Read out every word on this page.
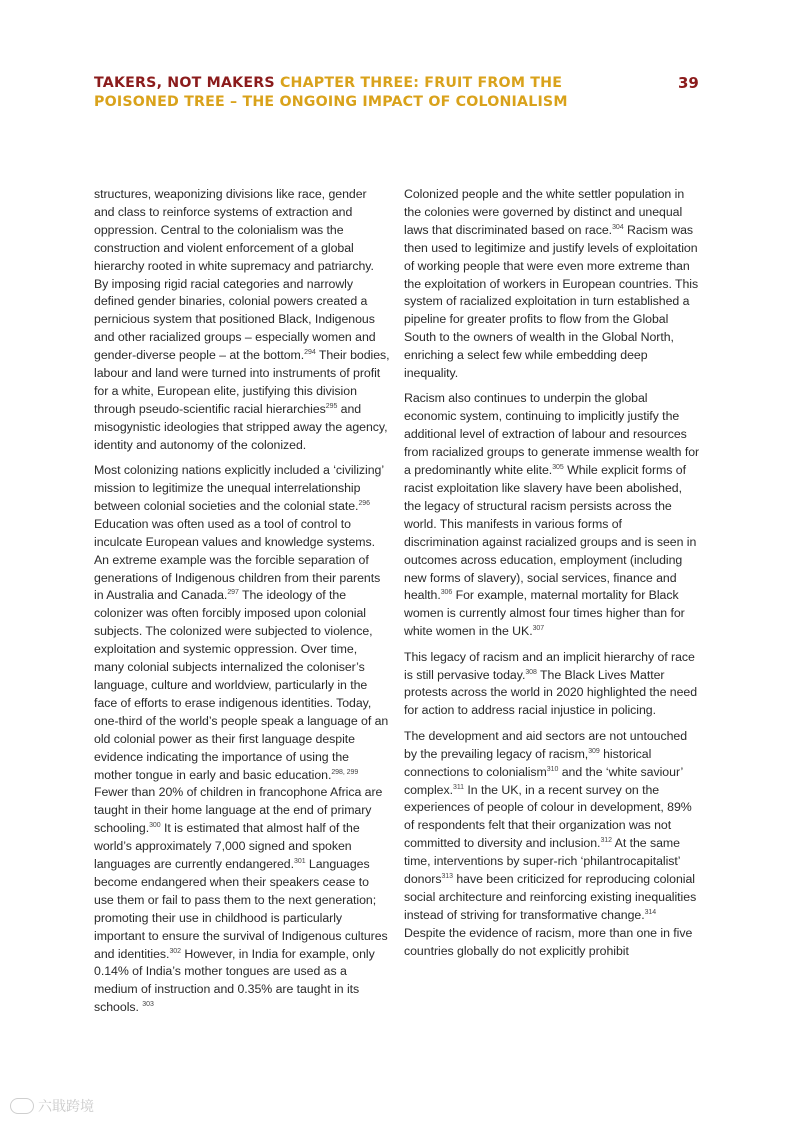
TAKERS, NOT MAKERS CHAPTER THREE: FRUIT FROM THE
POISONED TREE – THE ONGOING IMPACT OF COLONIALISM
39

structures, weaponizing divisions like race, gender and class to reinforce systems of extraction and oppression. Central to the colonialism was the construction and violent enforcement of a global hierarchy rooted in white supremacy and patriarchy. By imposing rigid racial categories and narrowly defined gender binaries, colonial powers created a pernicious system that positioned Black, Indigenous and other racialized groups – especially women and gender-diverse people – at the bottom.$^{294}$ Their bodies, labour and land were turned into instruments of profit for a white, European elite, justifying this division through pseudo-scientific racial hierarchies$^{295}$ and misogynistic ideologies that stripped away the agency, identity and autonomy of the colonized.

Most colonizing nations explicitly included a ‘civilizing’ mission to legitimize the unequal interrelationship between colonial societies and the colonial state.$^{296}$ Education was often used as a tool of control to inculcate European values and knowledge systems. An extreme example was the forcible separation of generations of Indigenous children from their parents in Australia and Canada.$^{297}$ The ideology of the colonizer was often forcibly imposed upon colonial subjects. The colonized were subjected to violence, exploitation and systemic oppression. Over time, many colonial subjects internalized the coloniser’s language, culture and worldview, particularly in the face of efforts to erase indigenous identities. Today, one-third of the world’s people speak a language of an old colonial power as their first language despite evidence indicating the importance of using the mother tongue in early and basic education.$^{298, 299}$ Fewer than 20% of children in francophone Africa are taught in their home language at the end of primary schooling.$^{300}$ It is estimated that almost half of the world’s approximately 7,000 signed and spoken languages are currently endangered.$^{301}$ Languages become endangered when their speakers cease to use them or fail to pass them to the next generation; promoting their use in childhood is particularly important to ensure the survival of Indigenous cultures and identities.$^{302}$ However, in India for example, only 0.14% of India’s mother tongues are used as a medium of instruction and 0.35% are taught in its schools. $^{303}$

Colonized people and the white settler population in the colonies were governed by distinct and unequal laws that discriminated based on race.$^{304}$ Racism was then used to legitimize and justify levels of exploitation of working people that were even more extreme than the exploitation of workers in European countries. This system of racialized exploitation in turn established a pipeline for greater profits to flow from the Global South to the owners of wealth in the Global North, enriching a select few while embedding deep inequality.

Racism also continues to underpin the global economic system, continuing to implicitly justify the additional level of extraction of labour and resources from racialized groups to generate immense wealth for a predominantly white elite.$^{305}$ While explicit forms of racist exploitation like slavery have been abolished, the legacy of structural racism persists across the world. This manifests in various forms of discrimination against racialized groups and is seen in outcomes across education, employment (including new forms of slavery), social services, finance and health.$^{306}$ For example, maternal mortality for Black women is currently almost four times higher than for white women in the UK.$^{307}$

This legacy of racism and an implicit hierarchy of race is still pervasive today.$^{308}$ The Black Lives Matter protests across the world in 2020 highlighted the need for action to address racial injustice in policing.

The development and aid sectors are not untouched by the prevailing legacy of racism,$^{309}$ historical connections to colonialism$^{310}$ and the ‘white saviour’ complex.$^{311}$ In the UK, in a recent survey on the experiences of people of colour in development, 89% of respondents felt that their organization was not committed to diversity and inclusion.$^{312}$ At the same time, interventions by super-rich ‘philantrocapitalist’ donors$^{313}$ have been criticized for reproducing colonial social architecture and reinforcing existing inequalities instead of striving for transformative change.$^{314}$ Despite the evidence of racism, more than one in five countries globally do not explicitly prohibit

六戢跨境
